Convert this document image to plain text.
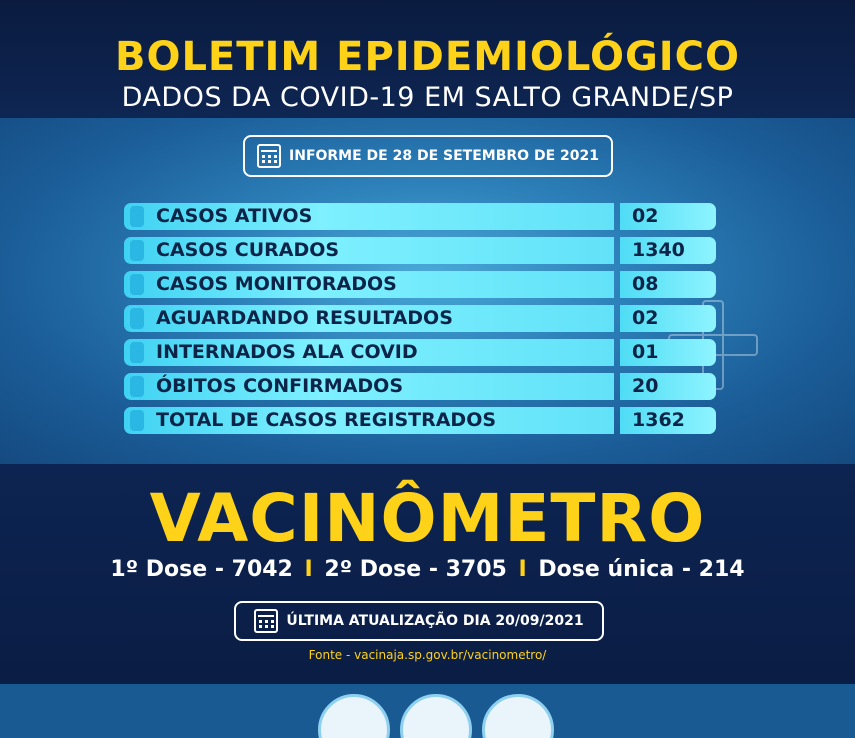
BOLETIM EPIDEMIOLÓGICO
DADOS DA COVID-19 EM SALTO GRANDE/SP
INFORME DE 28 DE SETEMBRO DE 2021
CASOS ATIVOS	02
CASOS CURADOS	1340
CASOS MONITORADOS	08
AGUARDANDO RESULTADOS	02
INTERNADOS ALA COVID	01
ÓBITOS CONFIRMADOS	20
TOTAL DE CASOS REGISTRADOS	1362
VACINÔMETRO
1º Dose - 7042 I 2º Dose - 3705 I Dose única - 214
ÚLTIMA ATUALIZAÇÃO DIA 20/09/2021
Fonte - vacinaja.sp.gov.br/vacinometro/
